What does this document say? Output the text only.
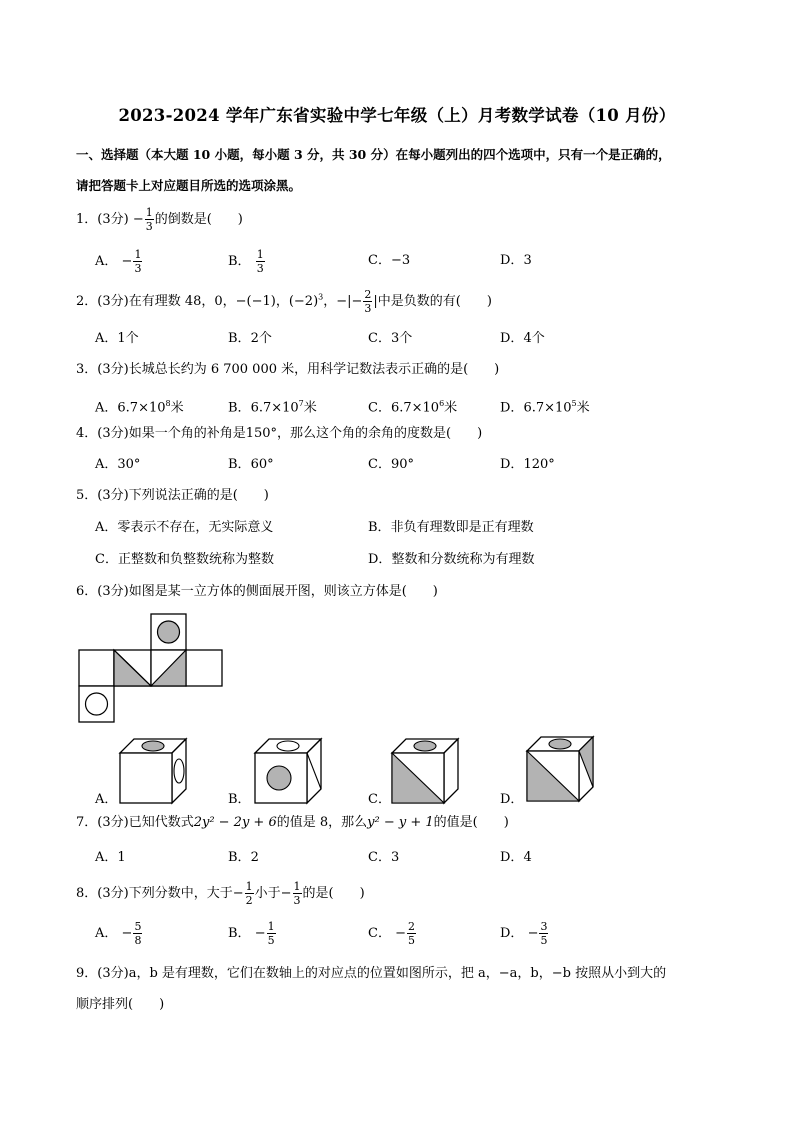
2023-2024 学年广东省实验中学七年级（上）月考数学试卷（10 月份）
一、选择题（本大题 10 小题，每小题 3 分，共 30 分）在每小题列出的四个选项中，只有一个是正确的，
请把答题卡上对应题目所选的选项涂黑。
1．(3分) − $\frac{1}{3}$ 的倒数是(　　)
A． − $\frac{1}{3}$	B． $\frac{1}{3}$	C．−3	D．3
2．(3分)在有理数 48，0，−(−1)，$(-2)^3$，−|− $\frac{2}{3}$ |中是负数的有(　　)
A．1个	B．2个	C．3个	D．4个
3．(3分)长城总长约为 6 700 000 米，用科学记数法表示正确的是(　　)
A．$6.7\times 10^8$米	B．$6.7\times 10^7$米	C．$6.7\times 10^6$米	D．$6.7\times 10^5$米
4．(3分)如果一个角的补角是150°，那么这个角的余角的度数是(　　)
A．30°	B．60°	C．90°	D．120°
5．(3分)下列说法正确的是(　　)
A．零表示不存在，无实际意义	B．非负有理数即是正有理数
C．正整数和负整数统称为整数	D．整数和分数统称为有理数
6．(3分)如图是某一立方体的侧面展开图，则该立方体是(　　)
A．	B．	C．	D．
7．(3分)已知代数式2y² − 2y + 6的值是 8，那么y² − y + 1的值是(　　)
A．1	B．2	C．3	D．4
8．(3分)下列分数中，大于− $\frac{1}{2}$ 小于− $\frac{1}{3}$ 的是(　　)
A． − $\frac{5}{8}$	B． − $\frac{1}{5}$	C． − $\frac{2}{5}$	D． − $\frac{3}{5}$
9．(3分)a，b 是有理数，它们在数轴上的对应点的位置如图所示，把 a，−a，b，−b 按照从小到大的
顺序排列(　　)
